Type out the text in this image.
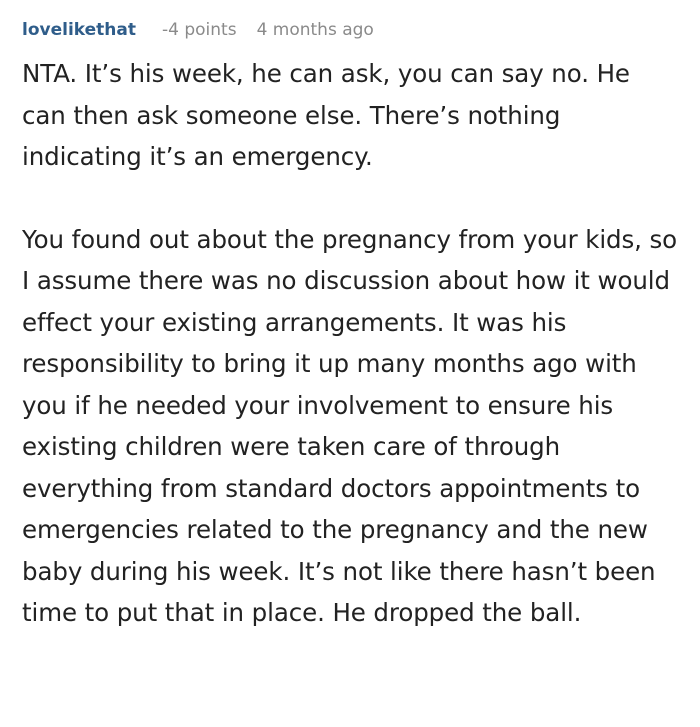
lovelikethat -4 points 4 months ago

NTA. It’s his week, he can ask, you can say no. He can then ask someone else. There’s nothing indicating it’s an emergency.

You found out about the pregnancy from your kids, so I assume there was no discussion about how it would effect your existing arrangements. It was his responsibility to bring it up many months ago with you if he needed your involvement to ensure his existing children were taken care of through everything from standard doctors appointments to emergencies related to the pregnancy and the new baby during his week. It’s not like there hasn’t been time to put that in place. He dropped the ball.
